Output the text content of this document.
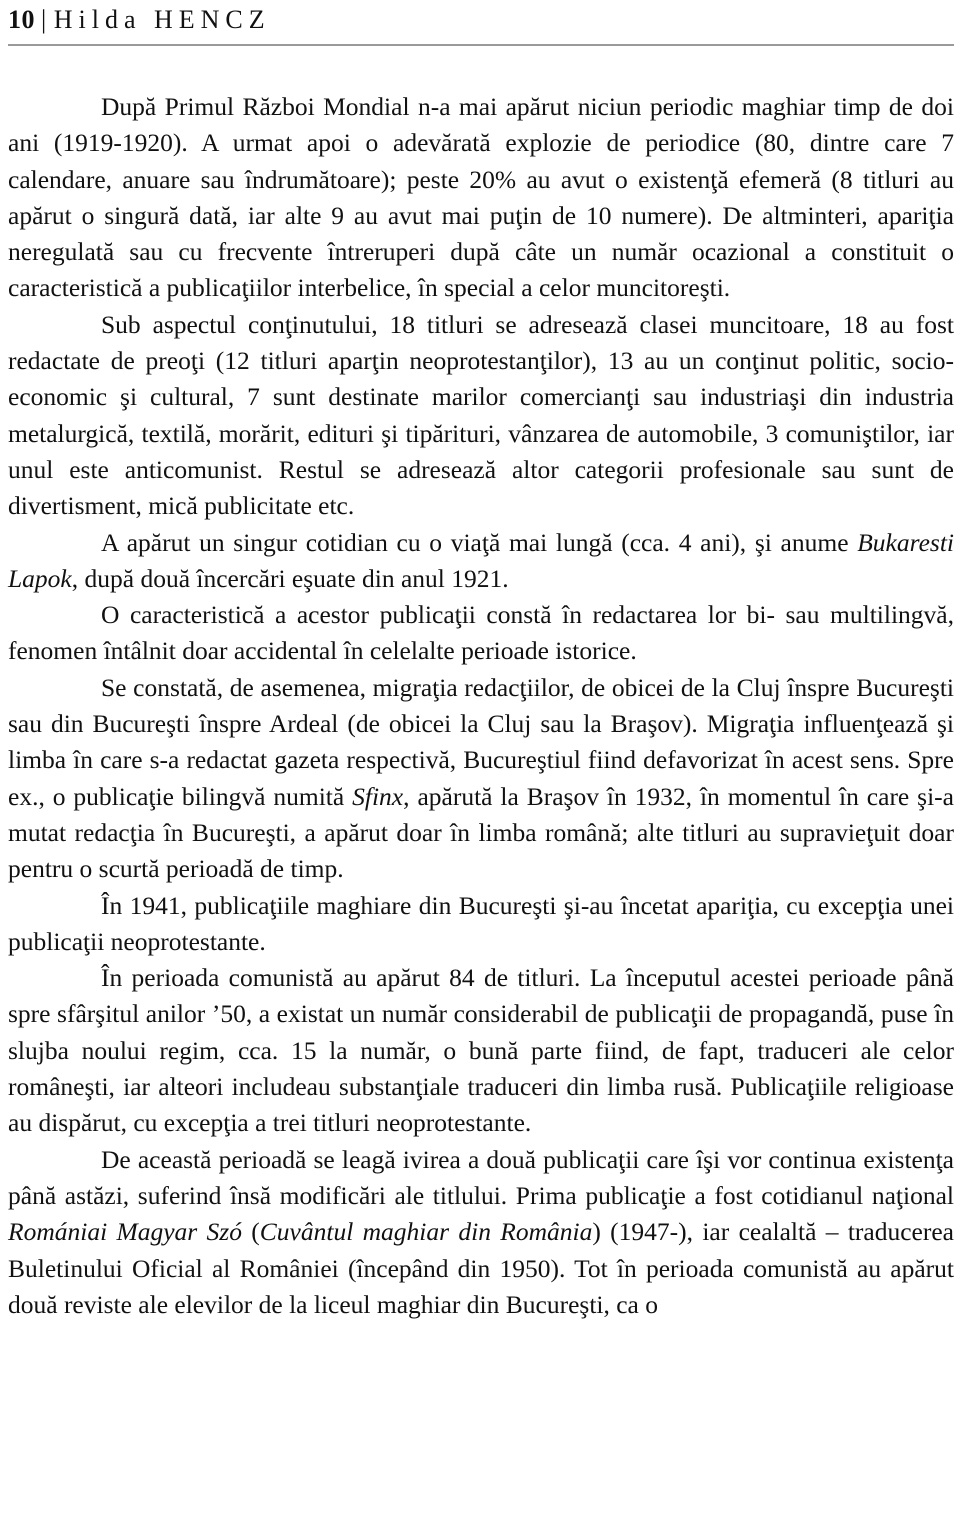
10 | Hilda HENCZ

După Primul Război Mondial n-a mai apărut niciun periodic maghiar timp de doi ani (1919-1920). A urmat apoi o adevărată explozie de periodice (80, dintre care 7 calendare, anuare sau îndrumătoare); peste 20% au avut o existenţă efemeră (8 titluri au apărut o singură dată, iar alte 9 au avut mai puţin de 10 numere). De altminteri, apariţia neregulată sau cu frecvente întreruperi după câte un număr ocazional a constituit o caracteristică a publicaţiilor interbelice, în special a celor muncitoreşti.

Sub aspectul conţinutului, 18 titluri se adresează clasei muncitoare, 18 au fost redactate de preoţi (12 titluri aparţin neoprotestanţilor), 13 au un conţinut politic, socio-economic şi cultural, 7 sunt destinate marilor comercianţi sau industriaşi din industria metalurgică, textilă, morărit, edituri şi tipărituri, vânzarea de automobile, 3 comuniştilor, iar unul este anticomunist. Restul se adresează altor categorii profesionale sau sunt de divertisment, mică publicitate etc.

A apărut un singur cotidian cu o viaţă mai lungă (cca. 4 ani), şi anume Bukaresti Lapok, după două încercări eşuate din anul 1921.

O caracteristică a acestor publicaţii constă în redactarea lor bi- sau multilingvă, fenomen întâlnit doar accidental în celelalte perioade istorice.

Se constată, de asemenea, migraţia redacţiilor, de obicei de la Cluj înspre Bucureşti sau din Bucureşti înspre Ardeal (de obicei la Cluj sau la Braşov). Migraţia influenţează şi limba în care s-a redactat gazeta respectivă, Bucureştiul fiind defavorizat în acest sens. Spre ex., o publicaţie bilingvă numită Sfinx, apărută la Braşov în 1932, în momentul în care şi-a mutat redacţia în Bucureşti, a apărut doar în limba română; alte titluri au supravieţuit doar pentru o scurtă perioadă de timp.

În 1941, publicaţiile maghiare din Bucureşti şi-au încetat apariţia, cu excepţia unei publicaţii neoprotestante.

În perioada comunistă au apărut 84 de titluri. La începutul acestei perioade până spre sfârşitul anilor ’50, a existat un număr considerabil de publicaţii de propagandă, puse în slujba noului regim, cca. 15 la număr, o bună parte fiind, de fapt, traduceri ale celor româneşti, iar alteori includeau substanţiale traduceri din limba rusă. Publicaţiile religioase au dispărut, cu excepţia a trei titluri neoprotestante.

De această perioadă se leagă ivirea a două publicaţii care îşi vor continua existenţa până astăzi, suferind însă modificări ale titlului. Prima publicaţie a fost cotidianul naţional Romániai Magyar Szó (Cuvântul maghiar din România) (1947-), iar cealaltă – traducerea Buletinului Oficial al României (începând din 1950). Tot în perioada comunistă au apărut două reviste ale elevilor de la liceul maghiar din Bucureşti, ca o
